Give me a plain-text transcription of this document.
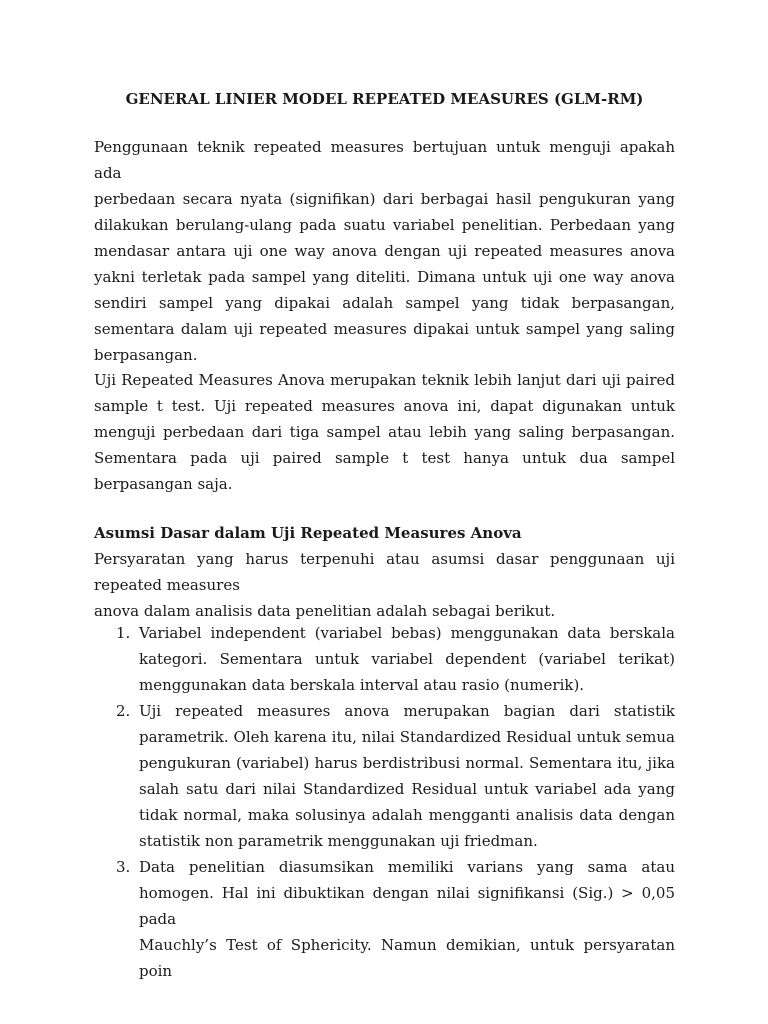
GENERAL LINIER MODEL REPEATED MEASURES (GLM-RM)

Penggunaan teknik repeated measures bertujuan untuk menguji apakah ada
perbedaan secara nyata (signifikan) dari berbagai hasil pengukuran yang
dilakukan berulang-ulang pada suatu variabel penelitian. Perbedaan yang
mendasar antara uji one way anova dengan uji repeated measures anova
yakni terletak pada sampel yang diteliti. Dimana untuk uji one way anova
sendiri sampel yang dipakai adalah sampel yang tidak berpasangan,
sementara dalam uji repeated measures dipakai untuk sampel yang saling
berpasangan.

Uji Repeated Measures Anova merupakan teknik lebih lanjut dari uji paired
sample t test. Uji repeated measures anova ini, dapat digunakan untuk
menguji perbedaan dari tiga sampel atau lebih yang saling berpasangan.
Sementara pada uji paired sample t test hanya untuk dua sampel
berpasangan saja.

Asumsi Dasar dalam Uji Repeated Measures Anova

Persyaratan yang harus terpenuhi atau asumsi dasar penggunaan uji
repeated measures
anova dalam analisis data penelitian adalah sebagai berikut.

1. Variabel independent (variabel bebas) menggunakan data berskala
kategori. Sementara untuk variabel dependent (variabel terikat)
menggunakan data berskala interval atau rasio (numerik).
2. Uji repeated measures anova merupakan bagian dari statistik
parametrik. Oleh karena itu, nilai Standardized Residual untuk semua
pengukuran (variabel) harus berdistribusi normal. Sementara itu, jika
salah satu dari nilai Standardized Residual untuk variabel ada yang
tidak normal, maka solusinya adalah mengganti analisis data dengan
statistik non parametrik menggunakan uji friedman.
3. Data penelitian diasumsikan memiliki varians yang sama atau
homogen. Hal ini dibuktikan dengan nilai signifikansi (Sig.) > 0,05 pada
Mauchly’s Test of Sphericity. Namun demikian, untuk persyaratan poin
